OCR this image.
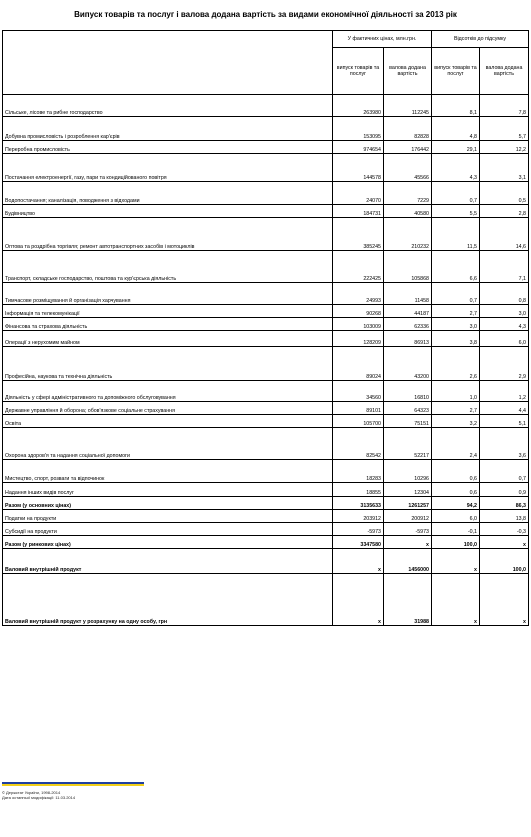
Випуск товарів та послуг і валова додана вартість за видами економічної діяльності за 2013 рік
	У фактичних цінах, млн.грн.		Відсотків до підсумку	
	випуск товарів та послуг	валова додана вартість	випуск товарів та послуг	валова додана вартість
Сільське, лісове та рибне господарство	263980	112245	8,1	7,8
Добувна промисловість і розроблення кар'єрів	153095	82828	4,8	5,7
Переробна промисловість	974654	176442	29,1	12,2
Постачання електроенергії, газу, пари та кондиційованого повітря	144578	45566	4,3	3,1
Водопостачання; каналізація, поводження з відходами	24070	7229	0,7	0,5
Будівництво	184731	40580	5,5	2,8
Оптова та роздрібна торгівля; ремонт автотранспортних засобів і мотоциклів	385245	210232	11,5	14,6
Транспорт, складське господарство, поштова та кур'єрська діяльність	222425	105868	6,6	7,1
Тимчасове розміщування й організація харчування	24993	11458	0,7	0,8
Інформація та телекомунікації	90268	44187	2,7	3,0
Фінансова та страхова діяльність	103009	62336	3,0	4,3
Операції з нерухомим майном	128209	86913	3,8	6,0
Професійна, наукова та технічна діяльність	89024	43200	2,6	2,9
Діяльність у сфері адміністративного та допоміжного обслуговування	34560	16810	1,0	1,2
Державне управління й оборона; обов'язкове соціальне страхування	89101	64323	2,7	4,4
Освіта	105700	75151	3,2	5,1
Охорона здоров'я та надання соціальної допомоги	82542	52217	2,4	3,6
Мистецтво, спорт, розваги та відпочинок	18283	10296	0,6	0,7
Надання інших видів послуг	18855	12304	0,6	0,9
Разом (у основних цінах)	3135633	1261257	94,2	86,3
Податки на продукти	203912	200912	6,0	13,8
Субсидії на продукти	-5973	-5973	-0,1	-0,3
Разом (у ринкових цінах)	3347580	x	100,0	x
Валовий внутрішній продукт	x	1456000	x	100,0
Валовий внутрішній продукт у розрахунку на одну особу, грн	x	31988	x	x
© Держстат України, 1998-2014
Дата останньої модифікації: 11.03.2014
